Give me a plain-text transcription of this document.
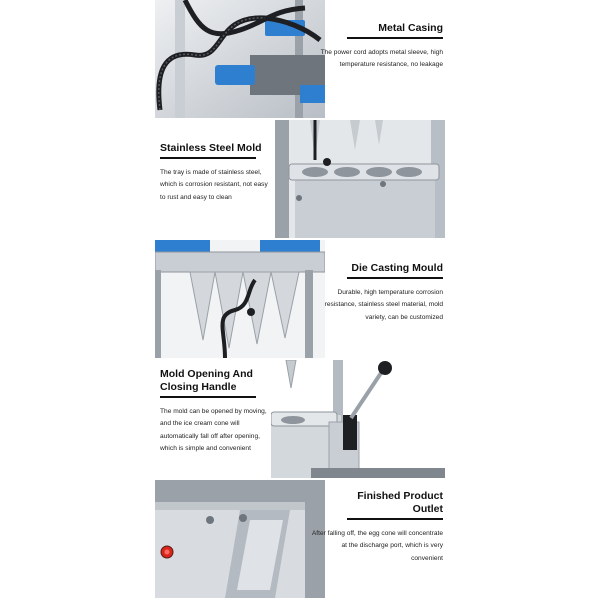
Metal Casing
The power cord adopts metal sleeve, high temperature resistance, no leakage
Stainless Steel Mold
The tray is made of stainless steel, which is corrosion resistant, not easy to rust and easy to clean
Die Casting Mould
Durable, high temperature corrosion resistance, stainless steel material, mold variety, can be customized
Mold Opening And
Closing Handle
The mold can be opened by moving, and the ice cream cone will automatically fall off after opening, which is simple and convenient
Finished Product
Outlet
After falling off, the egg cone will concentrate at the discharge port, which is very convenient
